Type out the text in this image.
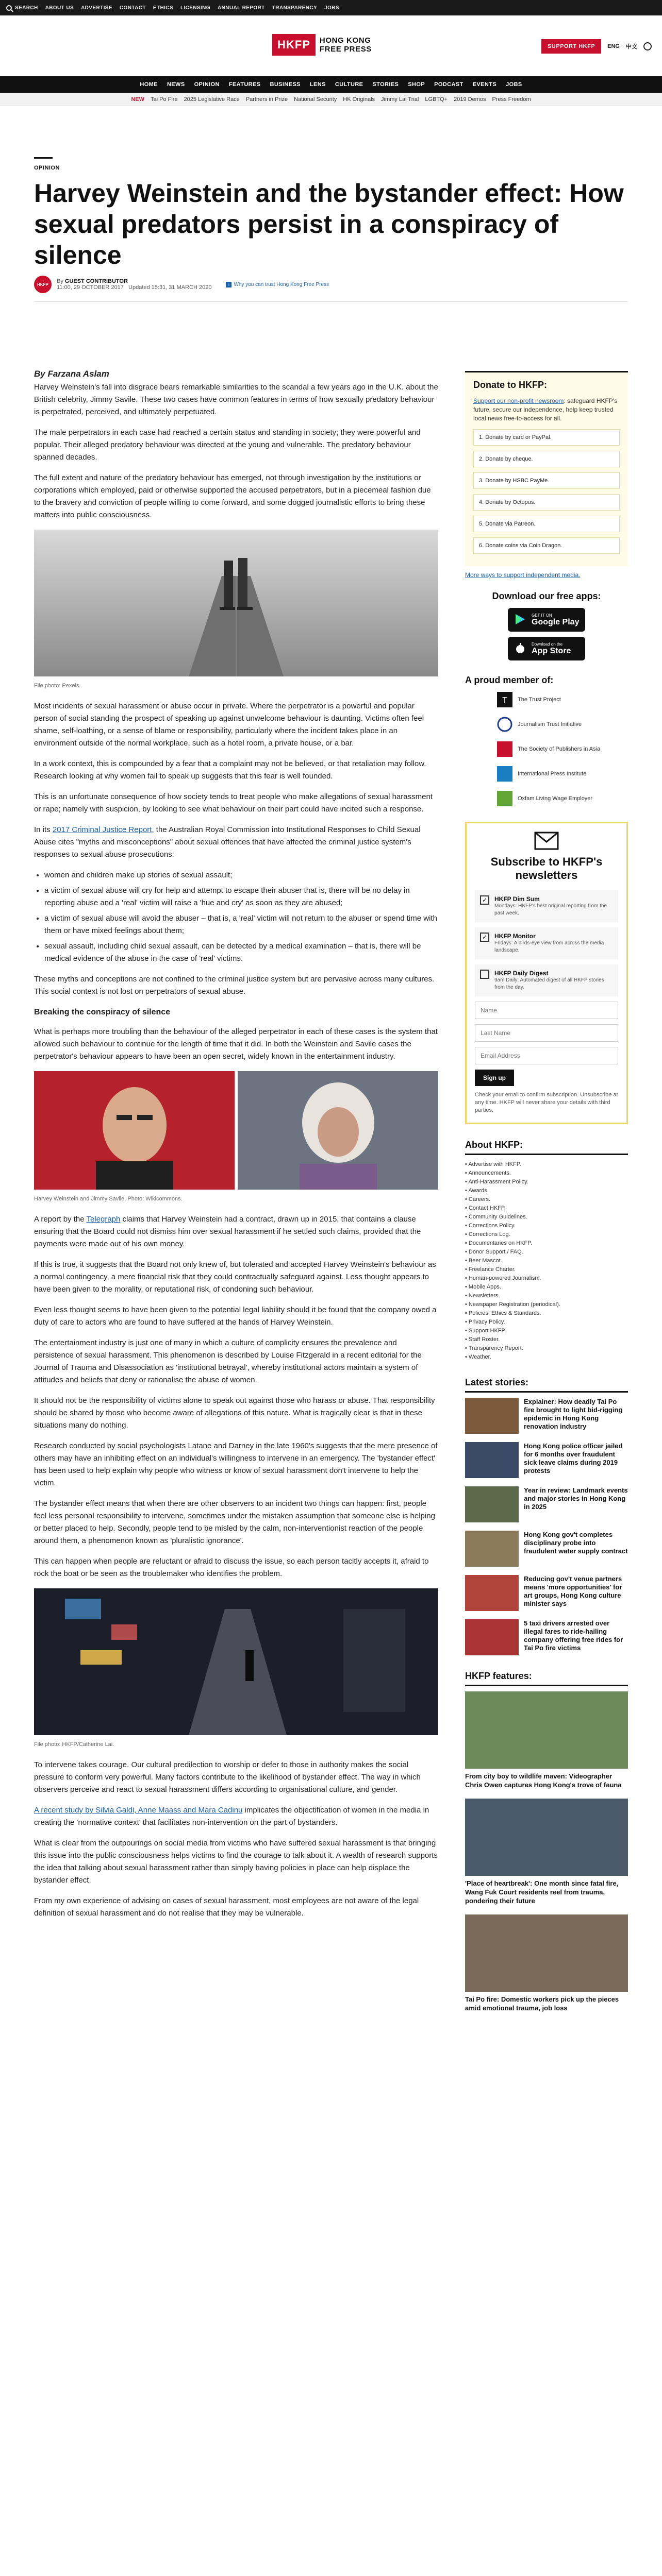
SEARCH ABOUT US ADVERTISE CONTACT ETHICS LICENSING ANNUAL REPORT TRANSPARENCY JOBS
HKFP	HONG KONG
FREE PRESS	SUPPORT HKFP	ENG 中文
HOME NEWS OPINION FEATURES BUSINESS LENS CULTURE STORIES SHOP PODCAST EVENTS JOBS
NEW Tai Po Fire 2025 Legislative Race Partners in Prize National Security HK Originals Jimmy Lai Trial LGBTQ+ 2019 Demos Press Freedom
OPINION
Harvey Weinstein and the bystander effect: How sexual predators persist in a conspiracy of silence
HKFP	By GUEST CONTRIBUTOR
11:00, 29 OCTOBER 2017 Updated 15:31, 31 MARCH 2020	i Why you can trust Hong Kong Free Press
By Farzana Aslam

Harvey Weinstein's fall into disgrace bears remarkable similarities to the scandal a few years ago in the U.K. about the British celebrity, Jimmy Savile. These two cases have common features in terms of how sexually predatory behaviour is perpetrated, perceived, and ultimately perpetuated.

The male perpetrators in each case had reached a certain status and standing in society; they were powerful and popular. Their alleged predatory behaviour was directed at the young and vulnerable. The predatory behaviour spanned decades.

The full extent and nature of the predatory behaviour has emerged, not through investigation by the institutions or corporations which employed, paid or otherwise supported the accused perpetrators, but in a piecemeal fashion due to the bravery and conviction of people willing to come forward, and some dogged journalistic efforts to bring these matters into public consciousness.

File photo: Pexels.

Most incidents of sexual harassment or abuse occur in private. Where the perpetrator is a powerful and popular person of social standing the prospect of speaking up against unwelcome behaviour is daunting. Victims often feel shame, self-loathing, or a sense of blame or responsibility, particularly where the incident takes place in an environment outside of the normal workplace, such as a hotel room, a private house, or a bar.

In a work context, this is compounded by a fear that a complaint may not be believed, or that retaliation may follow. Research looking at why women fail to speak up suggests that this fear is well founded.

This is an unfortunate consequence of how society tends to treat people who make allegations of sexual harassment or rape; namely with suspicion, by looking to see what behaviour on their part could have incited such a response.

In its 2017 Criminal Justice Report, the Australian Royal Commission into Institutional Responses to Child Sexual Abuse cites "myths and misconceptions" about sexual offences that have affected the criminal justice system's responses to sexual abuse prosecutions:

• women and children make up stories of sexual assault;
• a victim of sexual abuse will cry for help and attempt to escape their abuser that is, there will be no delay in reporting abuse and a 'real' victim will raise a 'hue and cry' as soon as they are abused;
• a victim of sexual abuse will avoid the abuser – that is, a 'real' victim will not return to the abuser or spend time with them or have mixed feelings about them;
• sexual assault, including child sexual assault, can be detected by a medical examination – that is, there will be medical evidence of the abuse in the case of 'real' victims.

These myths and conceptions are not confined to the criminal justice system but are pervasive across many cultures. This social context is not lost on perpetrators of sexual abuse.

Breaking the conspiracy of silence

What is perhaps more troubling than the behaviour of the alleged perpetrator in each of these cases is the system that allowed such behaviour to continue for the length of time that it did. In both the Weinstein and Savile cases the perpetrator's behaviour appears to have been an open secret, widely known in the entertainment industry.

Harvey Weinstein and Jimmy Savile. Photo: Wikicommons.

A report by the Telegraph claims that Harvey Weinstein had a contract, drawn up in 2015, that contains a clause ensuring that the Board could not dismiss him over sexual harassment if he settled such claims, provided that the payments were made out of his own money.

If this is true, it suggests that the Board not only knew of, but tolerated and accepted Harvey Weinstein's behaviour as a normal contingency, a mere financial risk that they could contractually safeguard against. Less thought appears to have been given to the morality, or reputational risk, of condoning such behaviour.

Even less thought seems to have been given to the potential legal liability should it be found that the company owed a duty of care to actors who are found to have suffered at the hands of Harvey Weinstein.

The entertainment industry is just one of many in which a culture of complicity ensures the prevalence and persistence of sexual harassment. This phenomenon is described by Louise Fitzgerald in a recent editorial for the Journal of Trauma and Disassociation as 'institutional betrayal', whereby institutional actors maintain a system of attitudes and beliefs that deny or rationalise the abuse of women.

It should not be the responsibility of victims alone to speak out against those who harass or abuse. That responsibility should be shared by those who become aware of allegations of this nature. What is tragically clear is that in these situations many do nothing.

Research conducted by social psychologists Latane and Darney in the late 1960's suggests that the mere presence of others may have an inhibiting effect on an individual's willingness to intervene in an emergency. The 'bystander effect' has been used to help explain why people who witness or know of sexual harassment don't intervene to help the victim.

The bystander effect means that when there are other observers to an incident two things can happen: first, people feel less personal responsibility to intervene, sometimes under the mistaken assumption that someone else is helping or better placed to help. Secondly, people tend to be misled by the calm, non-interventionist reaction of the people around them, a phenomenon known as 'pluralistic ignorance'.

This can happen when people are reluctant or afraid to discuss the issue, so each person tacitly accepts it, afraid to rock the boat or be seen as the troublemaker who identifies the problem.

File photo: HKFP/Catherine Lai.

To intervene takes courage. Our cultural predilection to worship or defer to those in authority makes the social pressure to conform very powerful. Many factors contribute to the likelihood of bystander effect. The way in which observers perceive and react to sexual harassment differs according to organisational culture, and gender.

A recent study by Silvia Galdi, Anne Maass and Mara Cadinu implicates the objectification of women in the media in creating the 'normative context' that facilitates non-intervention on the part of bystanders.

What is clear from the outpourings on social media from victims who have suffered sexual harassment is that bringing this issue into the public consciousness helps victims to find the courage to talk about it. A wealth of research supports the idea that talking about sexual harassment rather than simply having policies in place can help displace the bystander effect.

From my own experience of advising on cases of sexual harassment, most employees are not aware of the legal definition of sexual harassment and do not realise that they may be vulnerable.

Donate to HKFP:

Support our non-profit newsroom: safeguard HKFP's future, secure our independence, help keep trusted local news free-to-access for all.

1. Donate by card or PayPal.
2. Donate by cheque.
3. Donate by HSBC PayMe.
4. Donate by Octopus.
5. Donate via Patreon.
6. Donate coins via Coin Dragon.
More ways to support independent media.
Download our free apps:
GET IT ON
Google Play
Download on the
App Store
A proud member of:
T The Trust Project
Journalism Trust Initiative
The Society of Publishers in Asia
International Press Institute
Oxfam Living Wage Employer
Subscribe to HKFP's newsletters
✓	HKFP Dim Sum
Mondays: HKFP's best original reporting from the past week.
✓	HKFP Monitor
Fridays: A birds-eye view from across the media landscape.
HKFP Daily Digest
9am Daily: Automated digest of all HKFP stories from the day.
Name Last Name Email Address Sign up
Check your email to confirm subscription. Unsubscribe at any time. HKFP will never share your details with third parties.
About HKFP:
• Advertise with HKFP.
• Announcements.
• Anti-Harassment Policy.
• Awards.
• Careers.
• Contact HKFP.
• Community Guidelines.
• Corrections Policy.
• Corrections Log.
• Documentaries on HKFP.
• Donor Support / FAQ.
• Beer Mascot.
• Freelance Charter.
• Human-powered Journalism.
• Mobile Apps.
• Newsletters.
• Newspaper Registration (periodical).
• Policies, Ethics & Standards.
• Privacy Policy.
• Support HKFP.
• Staff Roster.
• Transparency Report.
• Weather.
Latest stories:
Explainer: How deadly Tai Po fire brought to light bid-rigging epidemic in Hong Kong renovation industry
Hong Kong police officer jailed for 6 months over fraudulent sick leave claims during 2019 protests
Year in review: Landmark events and major stories in Hong Kong in 2025
Hong Kong gov't completes disciplinary probe into fraudulent water supply contract
Reducing gov't venue partners means 'more opportunities' for art groups, Hong Kong culture minister says
5 taxi drivers arrested over illegal fares to ride-hailing company offering free rides for Tai Po fire victims
HKFP features:
From city boy to wildlife maven: Videographer Chris Owen captures Hong Kong's trove of fauna
'Place of heartbreak': One month since fatal fire, Wang Fuk Court residents reel from trauma, pondering their future
Tai Po fire: Domestic workers pick up the pieces amid emotional trauma, job loss
